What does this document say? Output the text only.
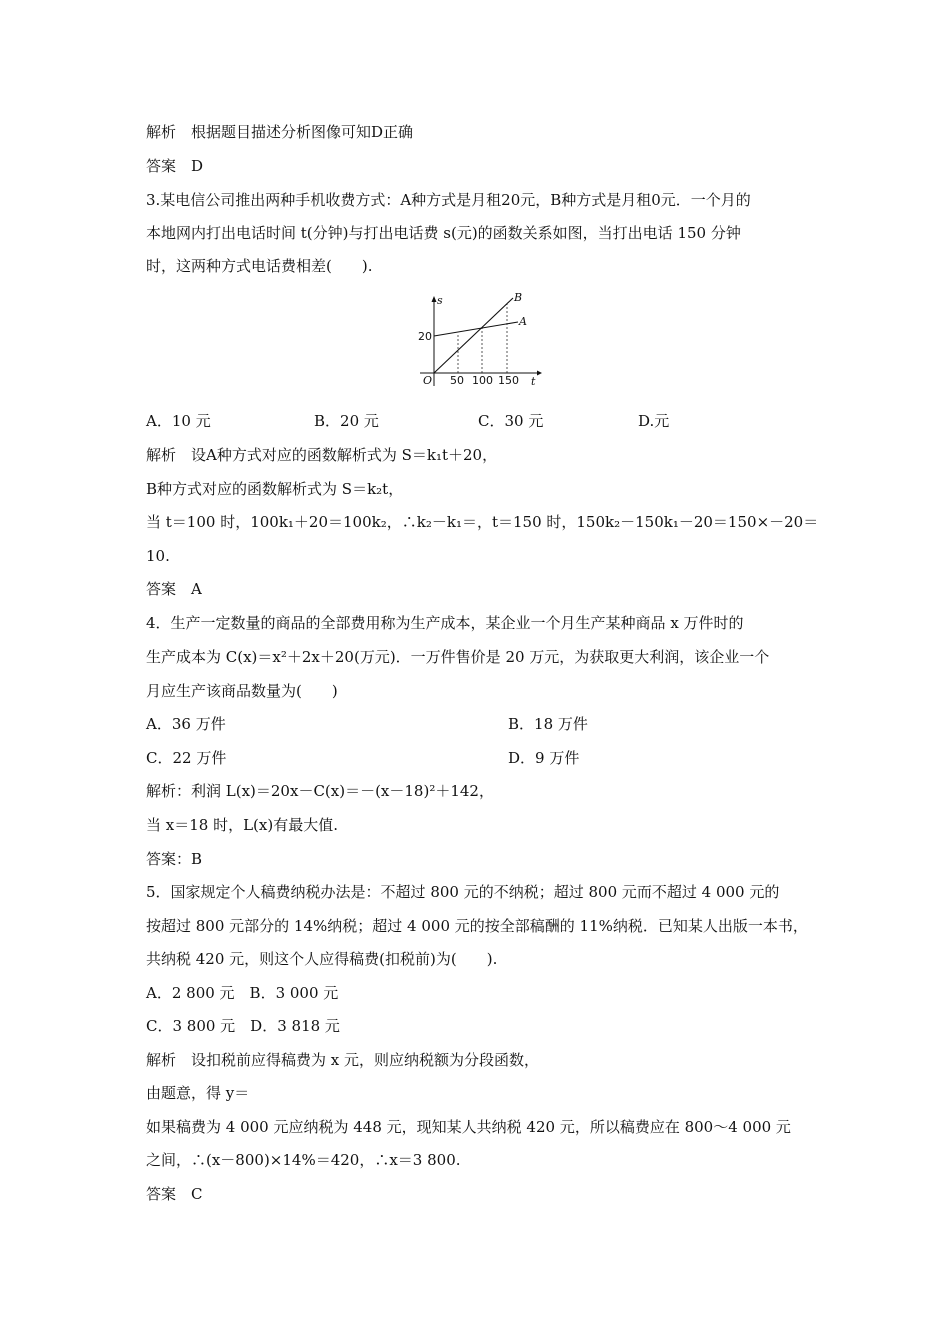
解析　根据题目描述分析图像可知D正确
答案　D
3.某电信公司推出两种手机收费方式：A种方式是月租20元，B种方式是月租0元．一个月的
本地网内打出电话时间 t(分钟)与打出电话费 s(元)的函数关系如图，当打出电话 150 分钟
时，这两种方式电话费相差(　　).
s
t
O
20
50 100 150
B
A
A．10 元	B．20 元	C．30 元	D.元
解析　设A种方式对应的函数解析式为 S＝k₁t＋20，
B种方式对应的函数解析式为 S＝k₂t，
当 t＝100 时，100k₁＋20＝100k₂，∴k₂－k₁＝，t＝150 时，150k₂－150k₁－20＝150×－20＝
10.
答案　A
4．生产一定数量的商品的全部费用称为生产成本，某企业一个月生产某种商品 x 万件时的
生产成本为 C(x)＝x²＋2x＋20(万元)．一万件售价是 20 万元，为获取更大利润，该企业一个
月应生产该商品数量为(　　)
A．36 万件	B．18 万件
C．22 万件	D．9 万件
解析：利润 L(x)＝20x－C(x)＝－(x－18)²＋142，
当 x＝18 时，L(x)有最大值.
答案：B
5．国家规定个人稿费纳税办法是：不超过 800 元的不纳税；超过 800 元而不超过 4 000 元的
按超过 800 元部分的 14%纳税；超过 4 000 元的按全部稿酬的 11%纳税．已知某人出版一本书，
共纳税 420 元，则这个人应得稿费(扣税前)为(　　).
A．2 800 元　B．3 000 元
C．3 800 元　D．3 818 元
解析　设扣税前应得稿费为 x 元，则应纳税额为分段函数，
由题意，得 y＝
如果稿费为 4 000 元应纳税为 448 元，现知某人共纳税 420 元，所以稿费应在 800～4 000 元
之间，∴(x－800)×14%＝420，∴x＝3 800.
答案　C
